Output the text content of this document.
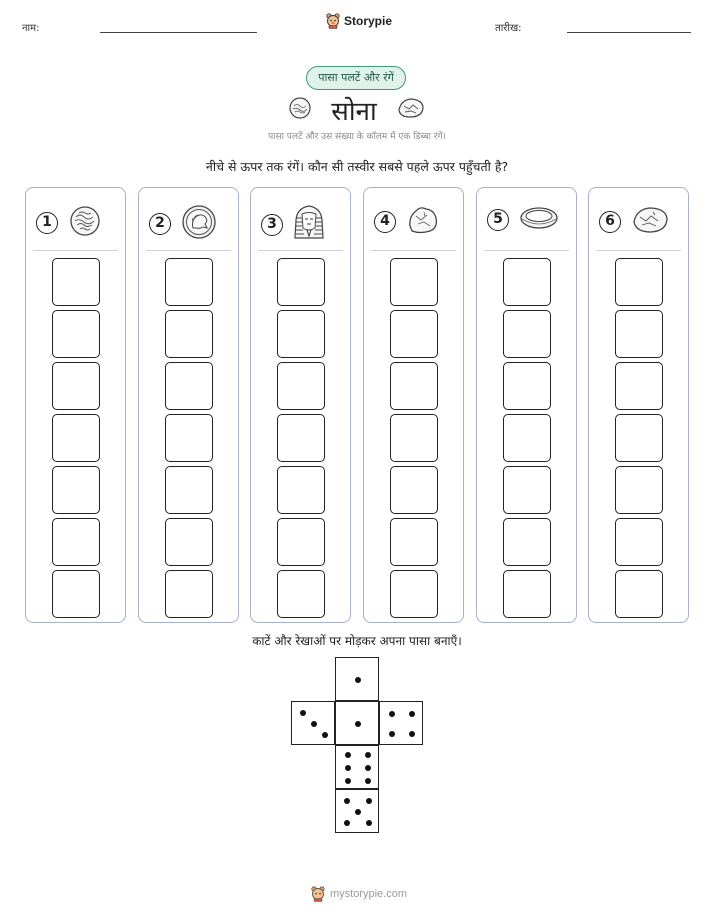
नाम:
Storypie
तारीख:
पासा पलटें और रंगें
सोना
पासा पलटें और उस संख्या के कॉलम में एक डिब्बा रंगें।
नीचे से ऊपर तक रंगें। कौन सी तस्वीर सबसे पहले ऊपर पहुँचती है?
1	2	3	4	5	6
काटें और रेखाओं पर मोड़कर अपना पासा बनाएँ।
mystorypie.com
